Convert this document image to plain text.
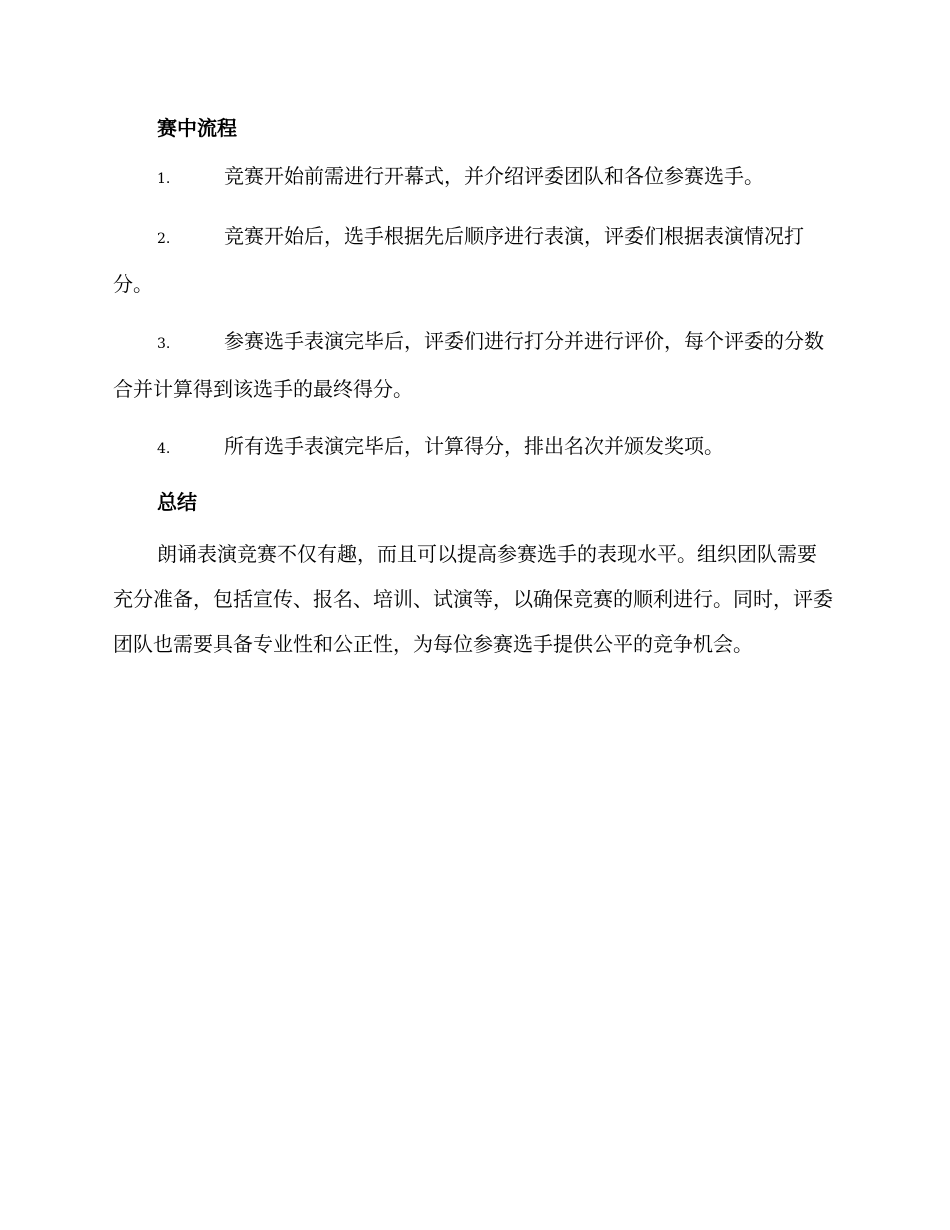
赛中流程

1.	竞赛开始前需进行开幕式，并介绍评委团队和各位参赛选手。

2.	竞赛开始后，选手根据先后顺序进行表演，评委们根据表演情况打分。

3.	参赛选手表演完毕后，评委们进行打分并进行评价，每个评委的分数合并计算得到该选手的最终得分。

4.	所有选手表演完毕后，计算得分，排出名次并颁发奖项。

总结

朗诵表演竞赛不仅有趣，而且可以提高参赛选手的表现水平。组织团队需要充分准备，包括宣传、报名、培训、试演等，以确保竞赛的顺利进行。同时，评委团队也需要具备专业性和公正性，为每位参赛选手提供公平的竞争机会。
